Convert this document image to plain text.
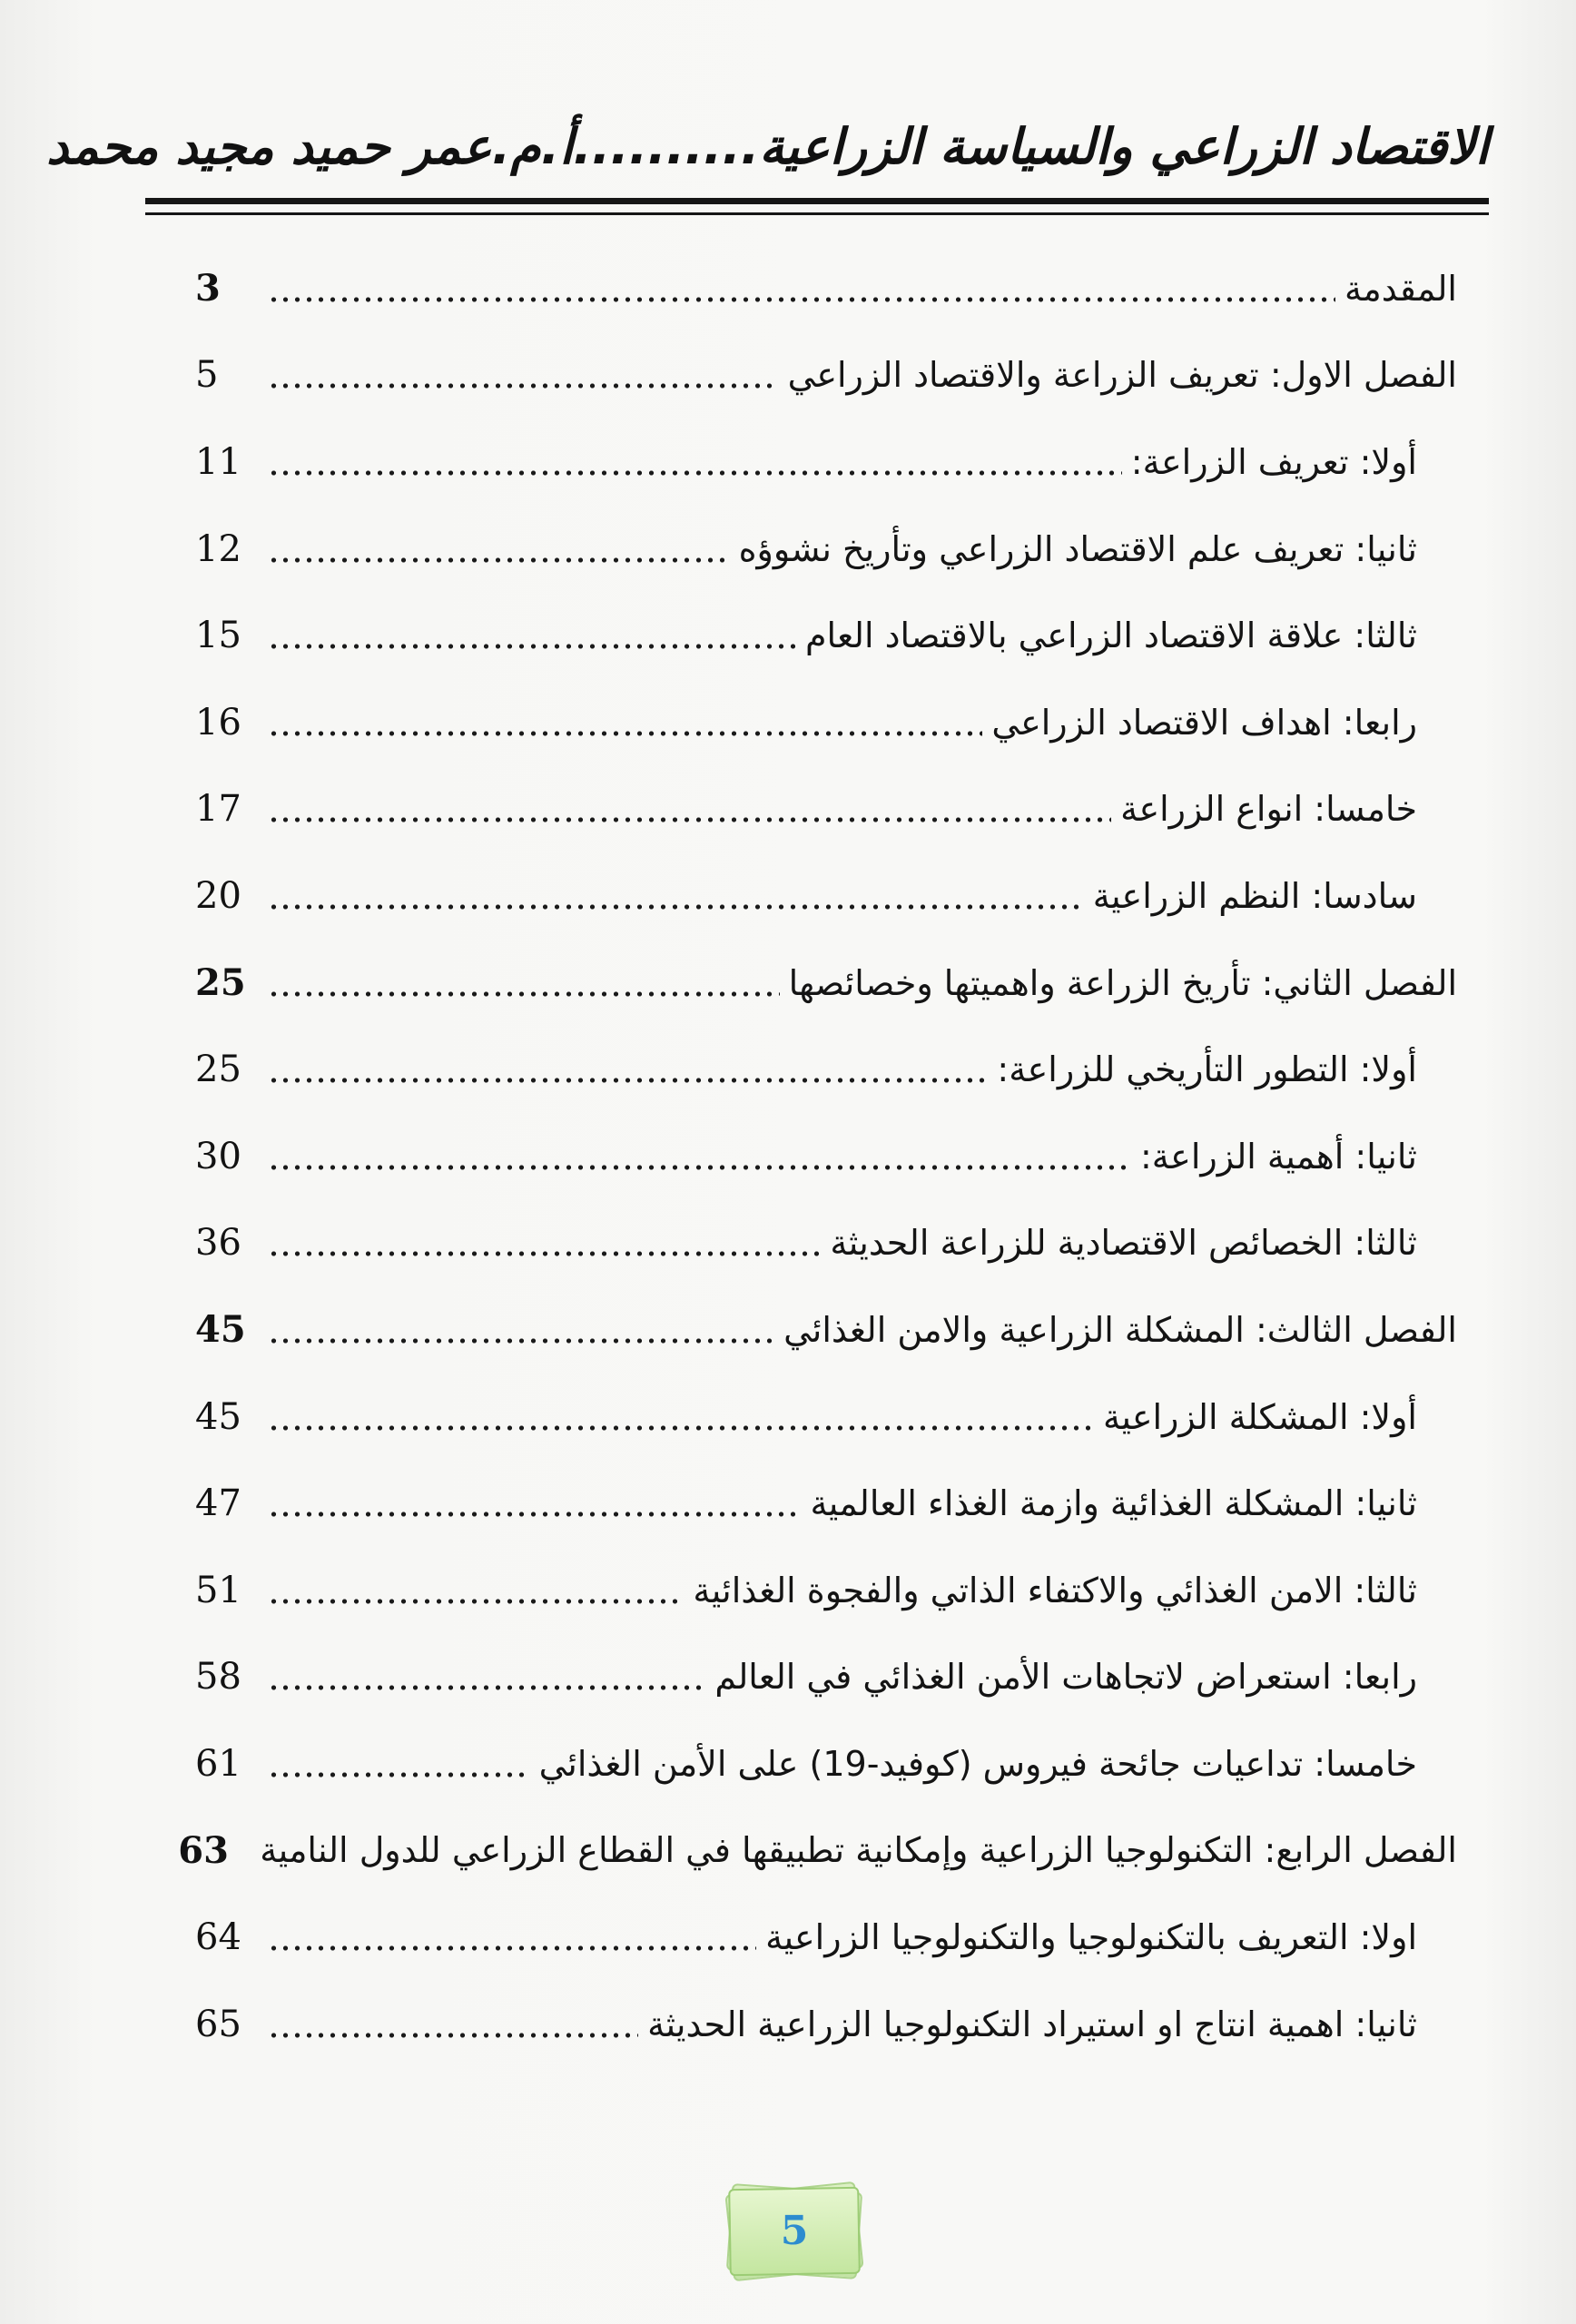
الاقتصاد الزراعي والسياسة الزراعية..........أ.م.عمر حميد مجيد محمد
المقدمة
3
الفصل الاول: تعريف الزراعة والاقتصاد الزراعي
5
أولا: تعريف الزراعة:
11
ثانيا: تعريف علم الاقتصاد الزراعي وتأريخ نشوؤه
12
ثالثا: علاقة الاقتصاد الزراعي بالاقتصاد العام
15
رابعا: اهداف الاقتصاد الزراعي
16
خامسا: انواع الزراعة
17
سادسا: النظم الزراعية
20
الفصل الثاني: تأريخ الزراعة واهميتها وخصائصها
25
أولا: التطور التأريخي للزراعة:
25
ثانيا: أهمية الزراعة:
30
ثالثا: الخصائص الاقتصادية للزراعة الحديثة
36
الفصل الثالث: المشكلة الزراعية والامن الغذائي
45
أولا: المشكلة الزراعية
45
ثانيا: المشكلة الغذائية وازمة الغذاء العالمية
47
ثالثا: الامن الغذائي والاكتفاء الذاتي والفجوة الغذائية
51
رابعا: استعراض لاتجاهات الأمن الغذائي في العالم
58
خامسا: تداعيات جائحة فيروس (كوفيد-19) على الأمن الغذائي
61
الفصل الرابع: التكنولوجيا الزراعية وإمكانية تطبيقها في القطاع الزراعي للدول النامية
63
اولا: التعريف بالتكنولوجيا والتكنولوجيا الزراعية
64
ثانيا: اهمية انتاج او استيراد التكنولوجيا الزراعية الحديثة
65
5
